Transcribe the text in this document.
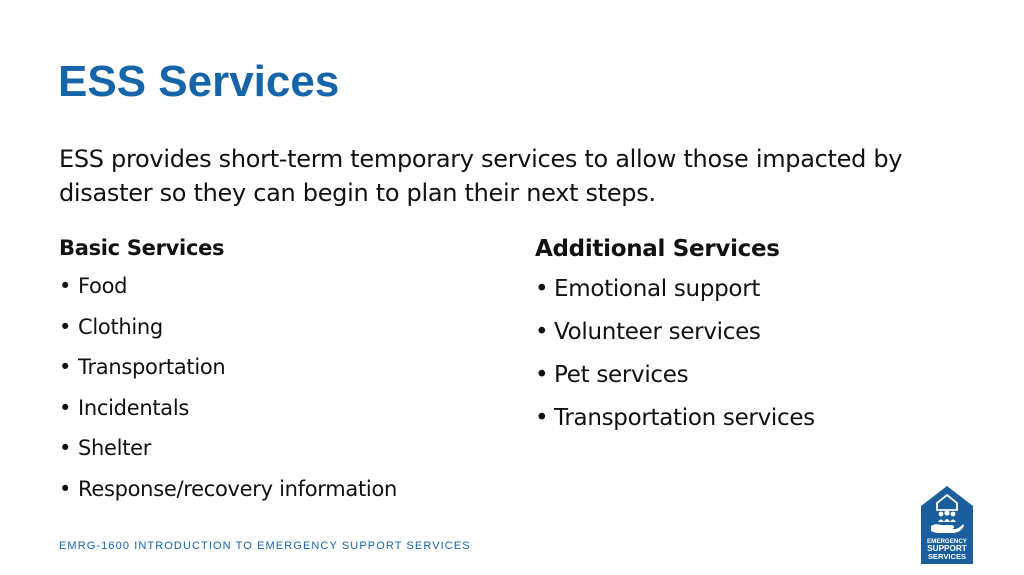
ESS Services

ESS provides short-term temporary services to allow those impacted by disaster so they can begin to plan their next steps.

Basic Services
• Food
• Clothing
• Transportation
• Incidentals
• Shelter
• Response/recovery information
Additional Services
• Emotional support
• Volunteer services
• Pet services
• Transportation services

EMRG-1600 INTRODUCTION TO EMERGENCY SUPPORT SERVICES	EMERGENCY
SUPPORT
SERVICES
